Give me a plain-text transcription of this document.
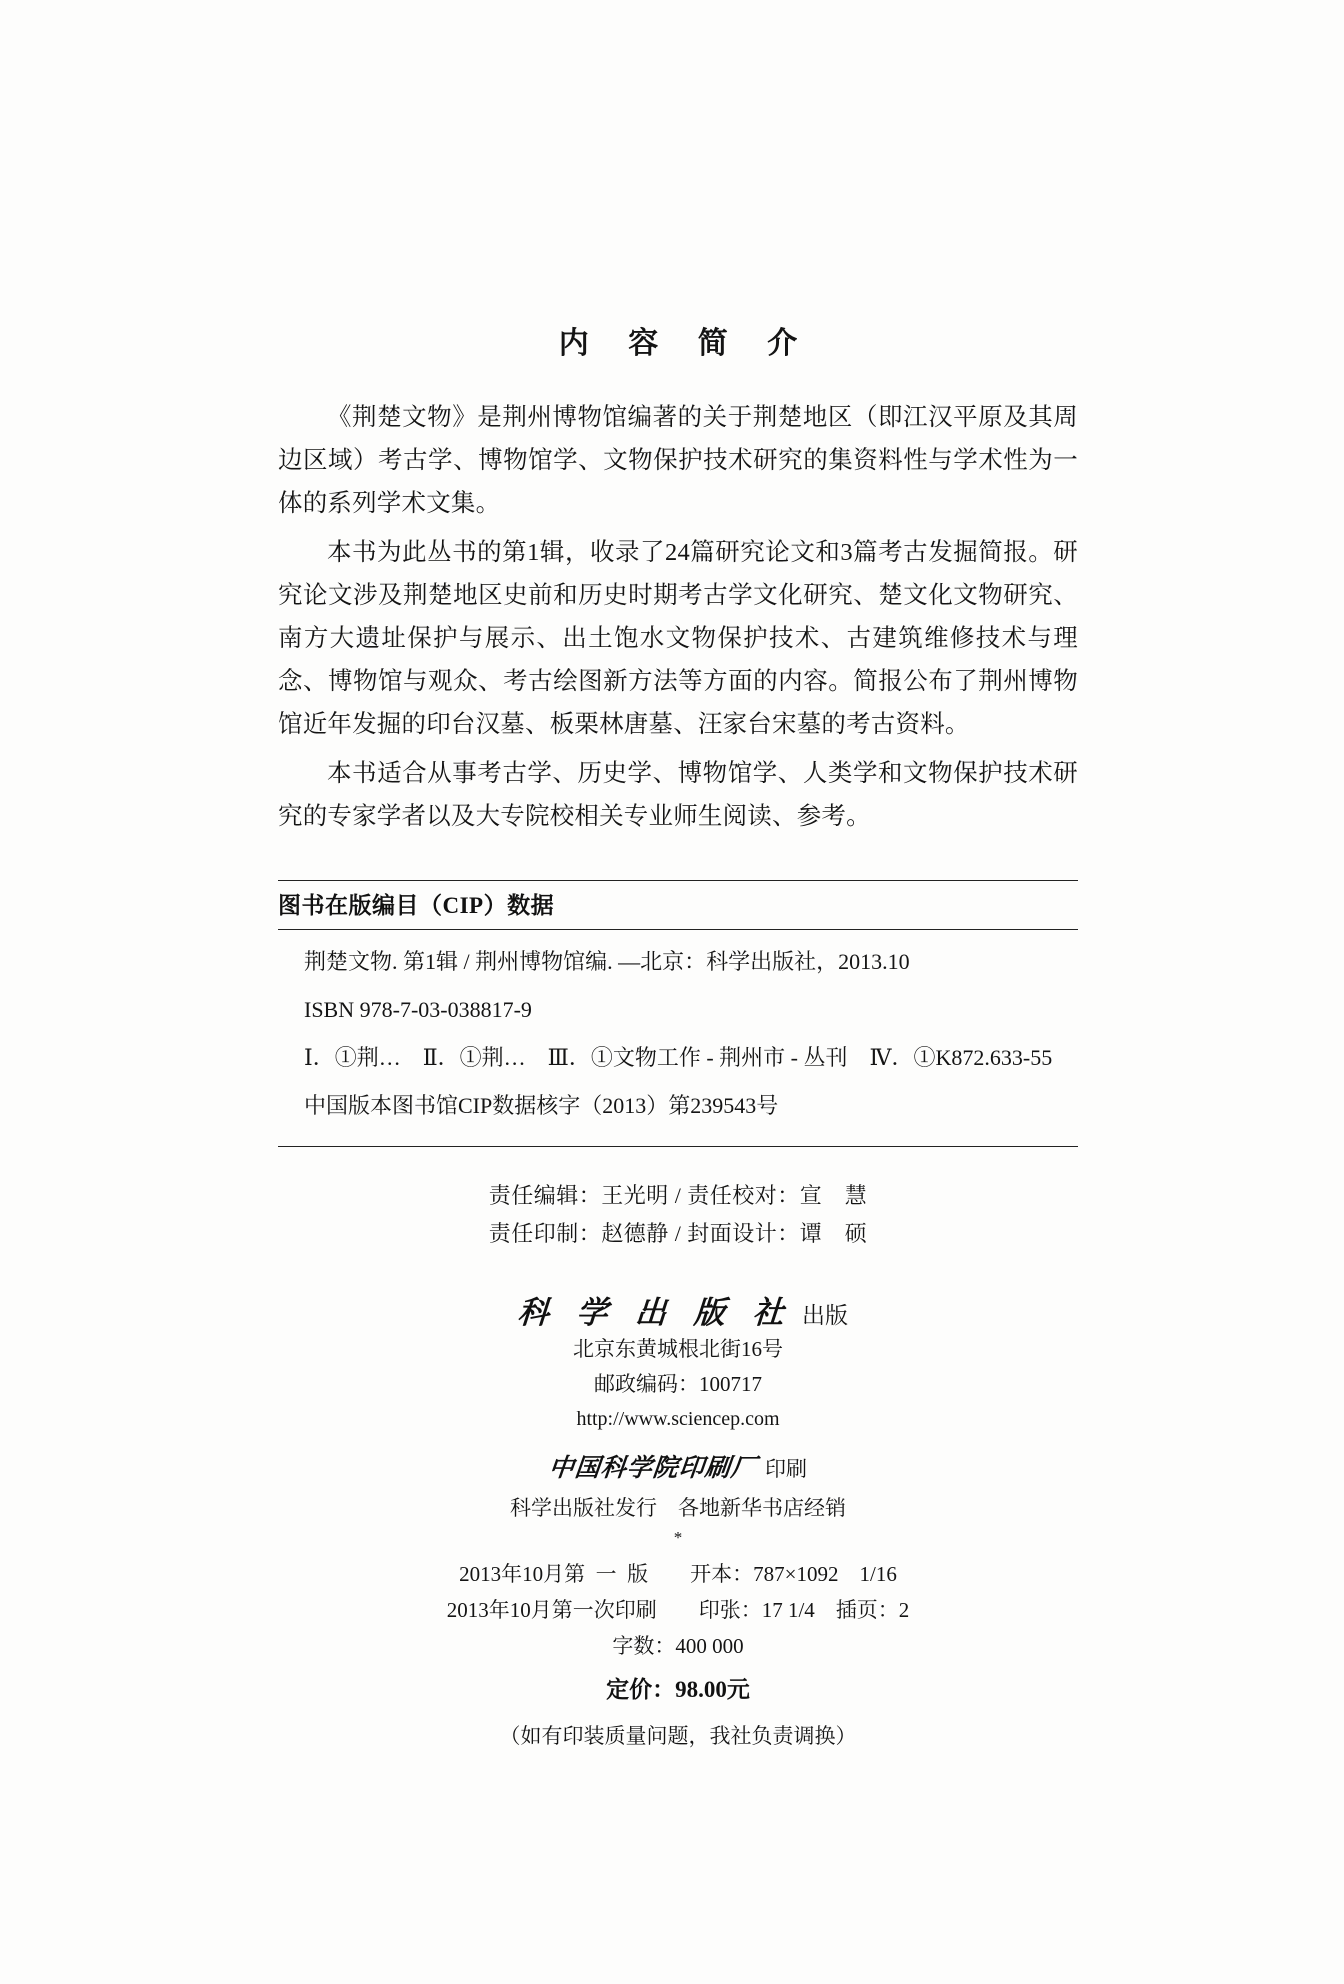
内 容 简 介

《荆楚文物》是荆州博物馆编著的关于荆楚地区（即江汉平原及其周边区域）考古学、博物馆学、文物保护技术研究的集资料性与学术性为一体的系列学术文集。

本书为此丛书的第1辑，收录了24篇研究论文和3篇考古发掘简报。研究论文涉及荆楚地区史前和历史时期考古学文化研究、楚文化文物研究、南方大遗址保护与展示、出土饱水文物保护技术、古建筑维修技术与理念、博物馆与观众、考古绘图新方法等方面的内容。简报公布了荆州博物馆近年发掘的印台汉墓、板栗林唐墓、汪家台宋墓的考古资料。

本书适合从事考古学、历史学、博物馆学、人类学和文物保护技术研究的专家学者以及大专院校相关专业师生阅读、参考。

图书在版编目（CIP）数据

荆楚文物. 第1辑 / 荆州博物馆编. —北京：科学出版社，2013.10

ISBN 978-7-03-038817-9

Ⅰ．①荆…　Ⅱ．①荆…　Ⅲ．①文物工作 - 荆州市 - 丛刊　Ⅳ．①K872.633-55

中国版本图书馆CIP数据核字（2013）第239543号

责任编辑：王光明 / 责任校对：宣　慧
责任印制：赵德静 / 封面设计：谭　硕
科 学 出 版 社 出版
北京东黄城根北街16号
邮政编码：100717
http://www.sciencep.com
中国科学院印刷厂 印刷
科学出版社发行　各地新华书店经销
*
2013年10月第  一  版　　开本：787×1092　1/16
2013年10月第一次印刷　　印张：17 1/4　插页：2
字数：400 000
定价：98.00元
（如有印装质量问题，我社负责调换）
